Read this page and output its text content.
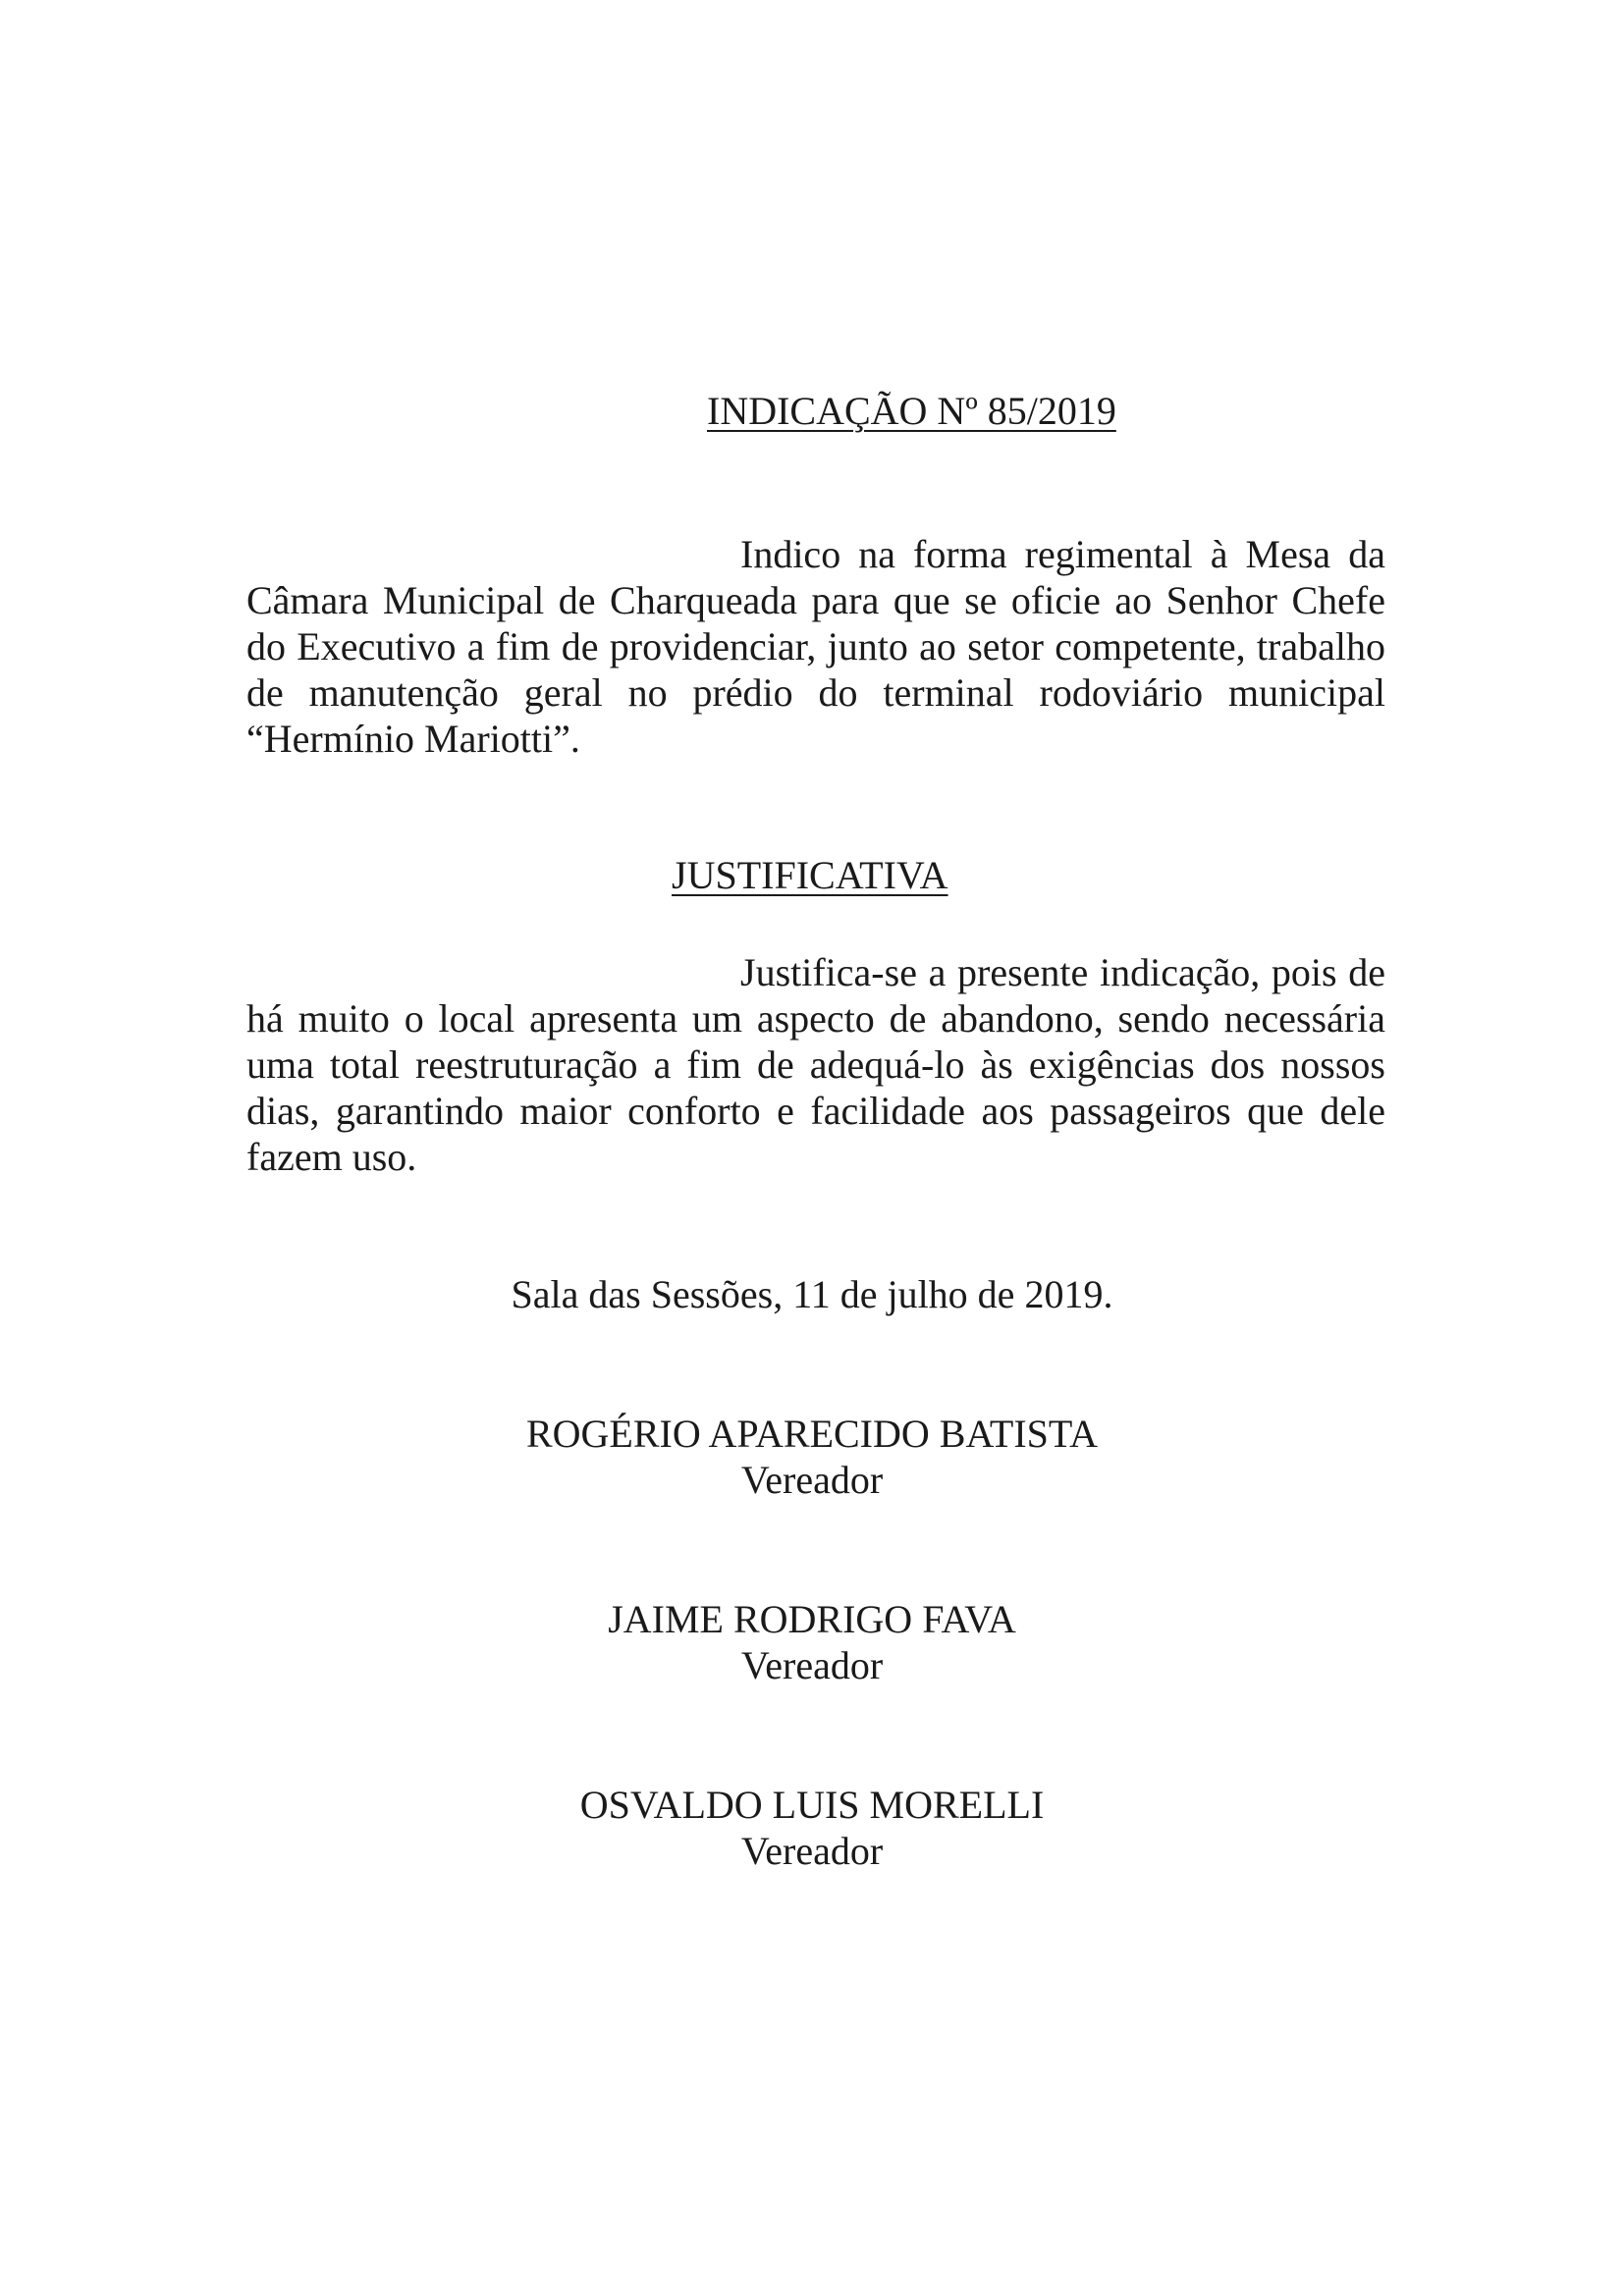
INDICAÇÃO Nº 85/2019
Indico na forma regimental à Mesa da Câmara Municipal de Charqueada para que se oficie ao Senhor Chefe do Executivo a fim de providenciar, junto ao setor competente, trabalho de manutenção geral no prédio do terminal rodoviário municipal “Hermínio Mariotti”.
JUSTIFICATIVA
Justifica-se a presente indicação, pois de há muito o local apresenta um aspecto de abandono, sendo necessária uma total reestruturação a fim de adequá-lo às exigências dos nossos dias, garantindo maior conforto e facilidade aos passageiros que dele fazem uso.
Sala das Sessões, 11 de julho de 2019.
ROGÉRIO APARECIDO BATISTA
Vereador
JAIME RODRIGO FAVA
Vereador
OSVALDO LUIS MORELLI
Vereador
